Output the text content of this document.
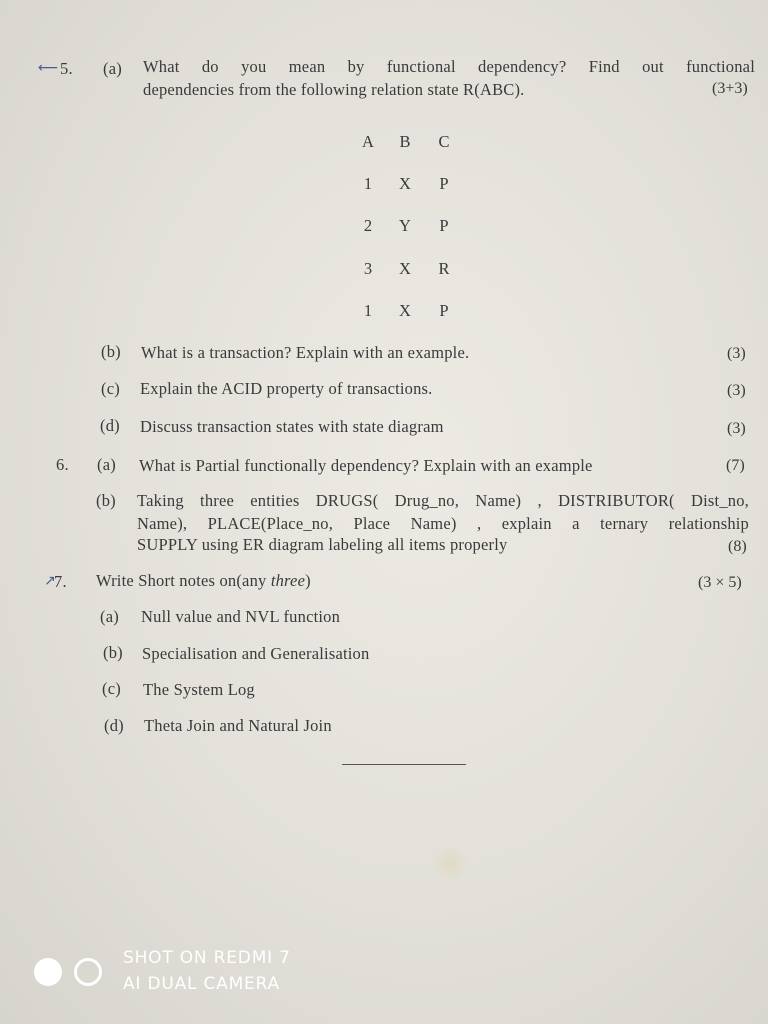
⟵ 5. (a) What do you mean by functional dependency? Find out functional
dependencies from the following relation state R(ABC).	(3+3)
A	B	C
1	X	P
2	Y	P
3	X	R
1	X	P
(b) What is a transaction? Explain with an example.	(3)
(c) Explain the ACID property of transactions.	(3)
(d) Discuss transaction states with state diagram	(3)
6. (a) What is Partial functionally dependency? Explain with an example	(7)
(b) Taking three entities DRUGS( Drug_no, Name) , DISTRIBUTOR( Dist_no,
Name), PLACE(Place_no, Place Name) , explain a ternary relationship
SUPPLY using ER diagram labeling all items properly	(8)
↗
7. Write Short notes on(any three)	(3 × 5)
(a) Null value and NVL function
(b) Specialisation and Generalisation
(c) The System Log
(d) Theta Join and Natural Join
SHOT ON REDMI 7
AI DUAL CAMERA
